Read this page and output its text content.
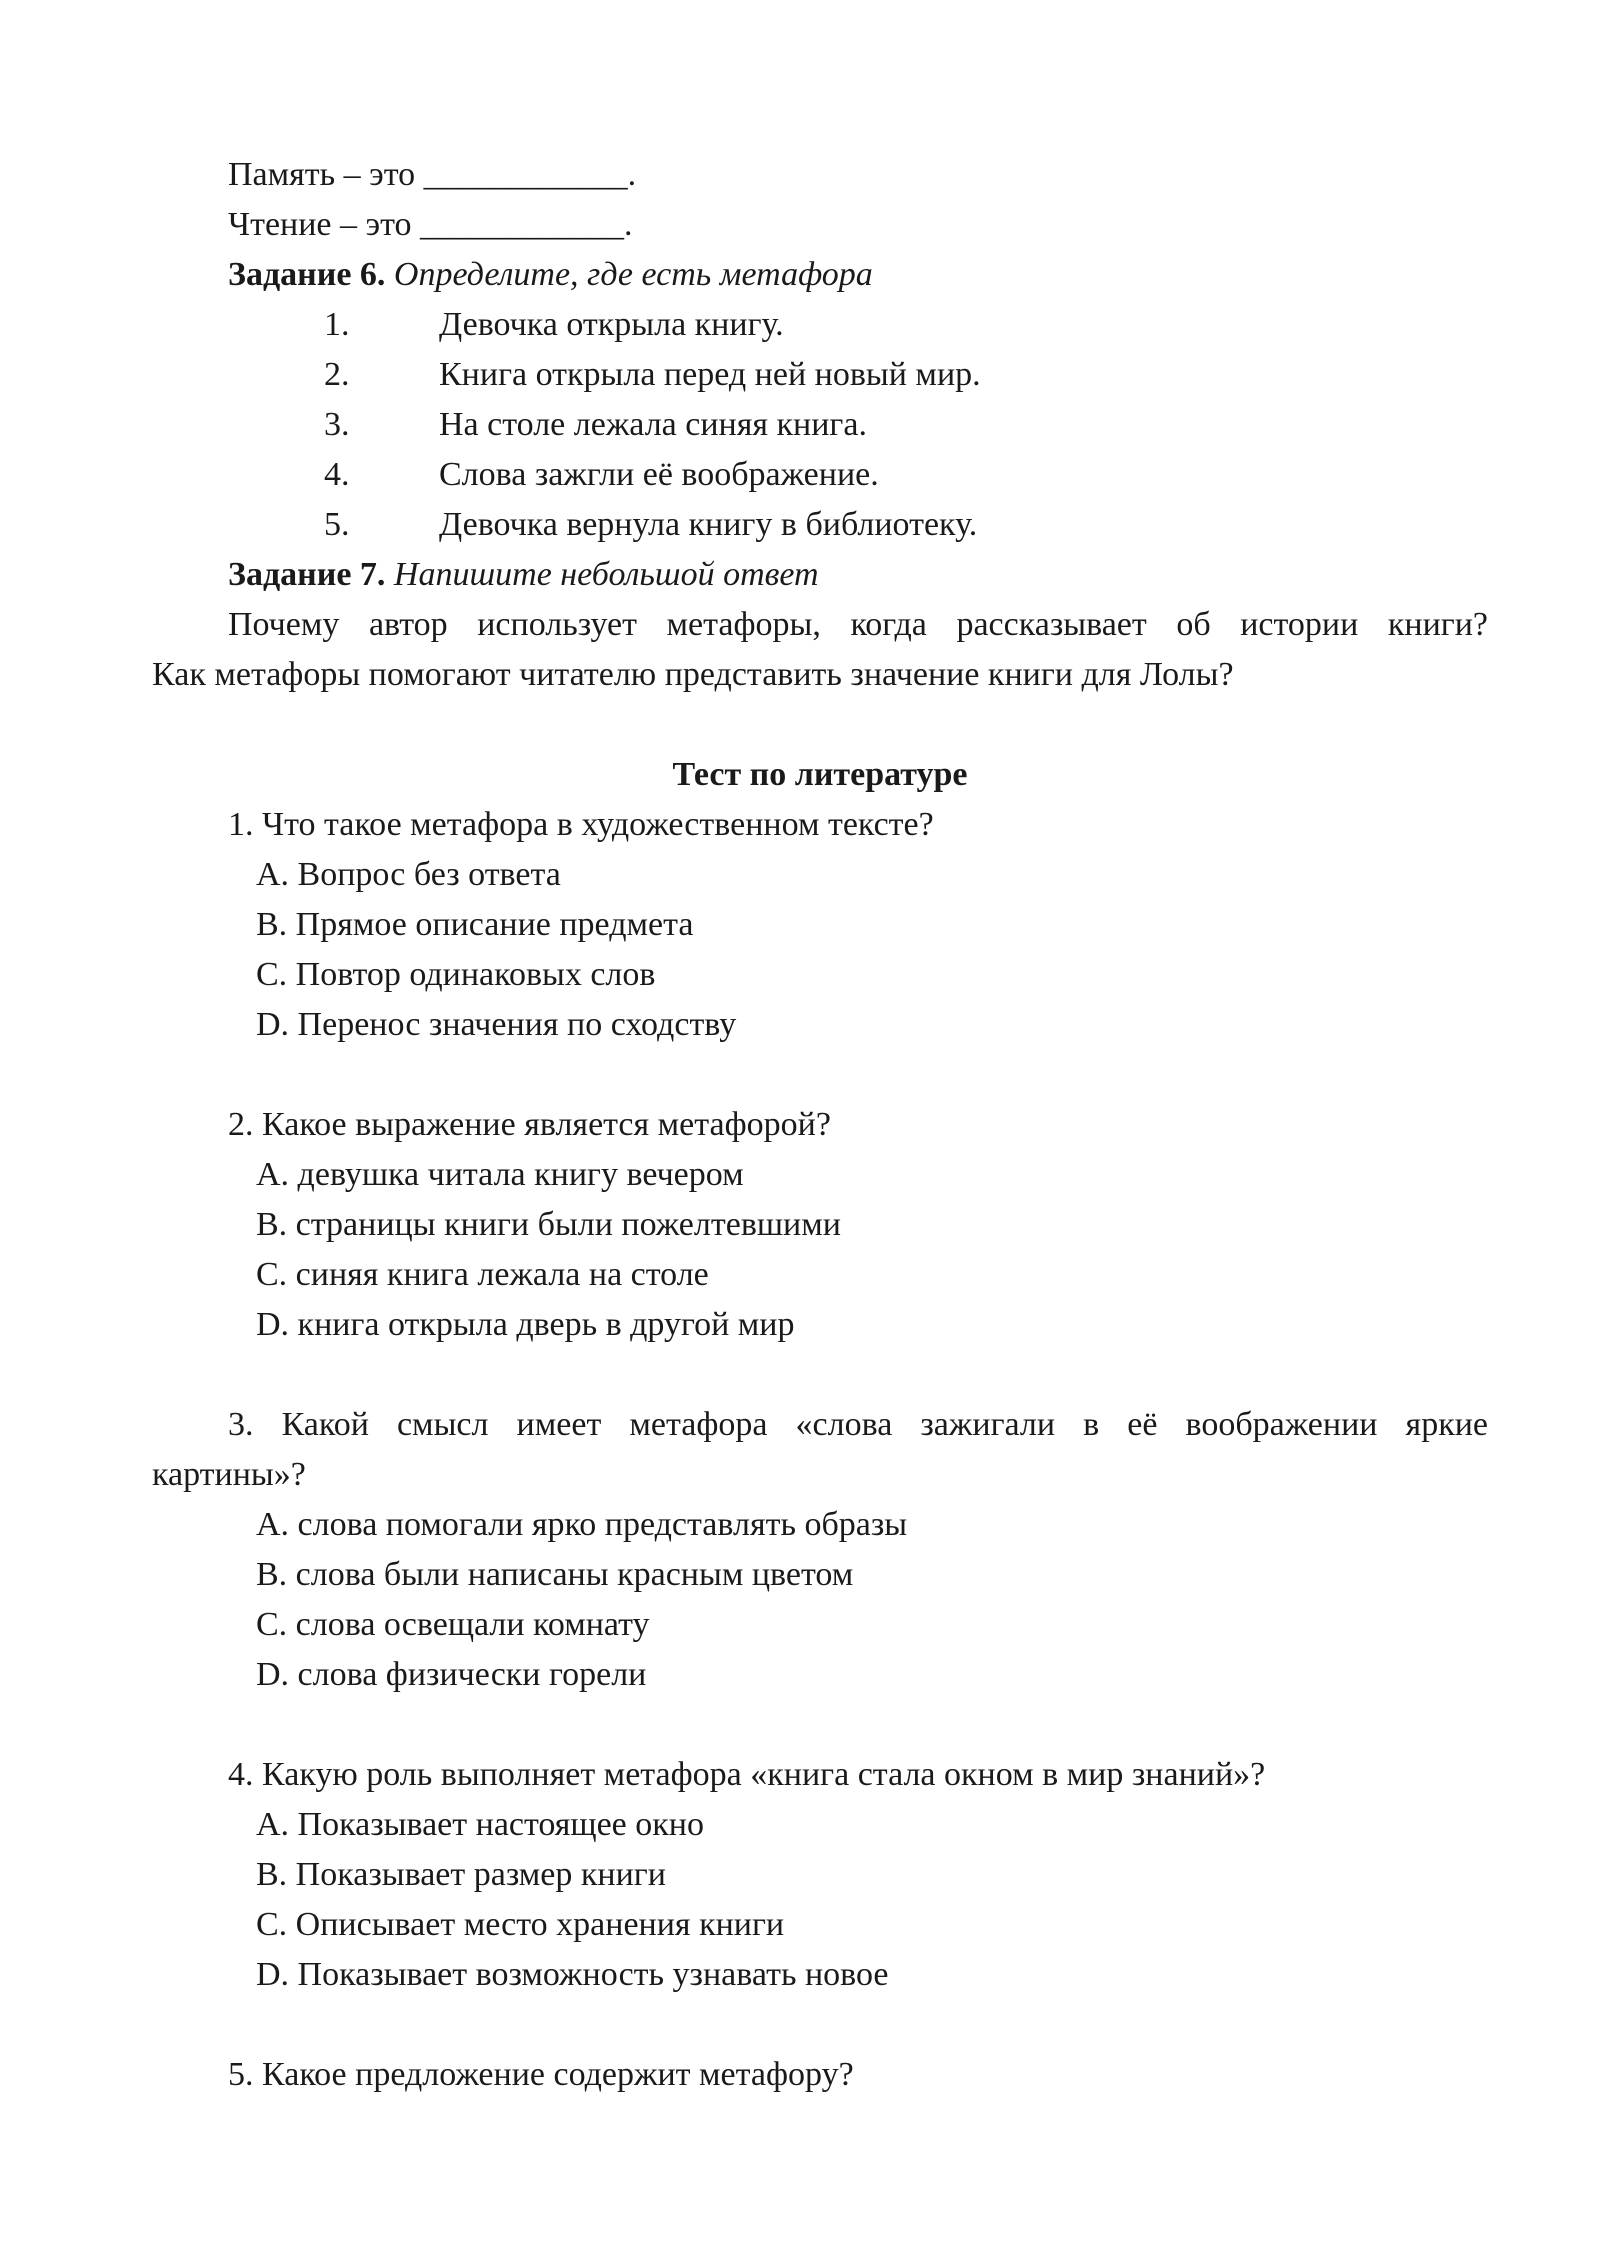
Память – это ____________.
Чтение – это ____________.
Задание 6. Определите, где есть метафора
1.	Девочка открыла книгу.
2.	Книга открыла перед ней новый мир.
3.	На столе лежала синяя книга.
4.	Слова зажгли её воображение.
5.	Девочка вернула книгу в библиотеку.
Задание 7. Напишите небольшой ответ
Почему автор использует метафоры, когда рассказывает об истории книги?
Как метафоры помогают читателю представить значение книги для Лолы?
Тест по литературе
1. Что такое метафора в художественном тексте?
A. Вопрос без ответа
B. Прямое описание предмета
C. Повтор одинаковых слов
D. Перенос значения по сходству
2. Какое выражение является метафорой?
A. девушка читала книгу вечером
B. страницы книги были пожелтевшими
C. синяя книга лежала на столе
D. книга открыла дверь в другой мир
3. Какой смысл имеет метафора «слова зажигали в её воображении яркие
картины»?
A. слова помогали ярко представлять образы
B. слова были написаны красным цветом
C. слова освещали комнату
D. слова физически горели
4. Какую роль выполняет метафора «книга стала окном в мир знаний»?
A. Показывает настоящее окно
B. Показывает размер книги
C. Описывает место хранения книги
D. Показывает возможность узнавать новое
5. Какое предложение содержит метафору?
